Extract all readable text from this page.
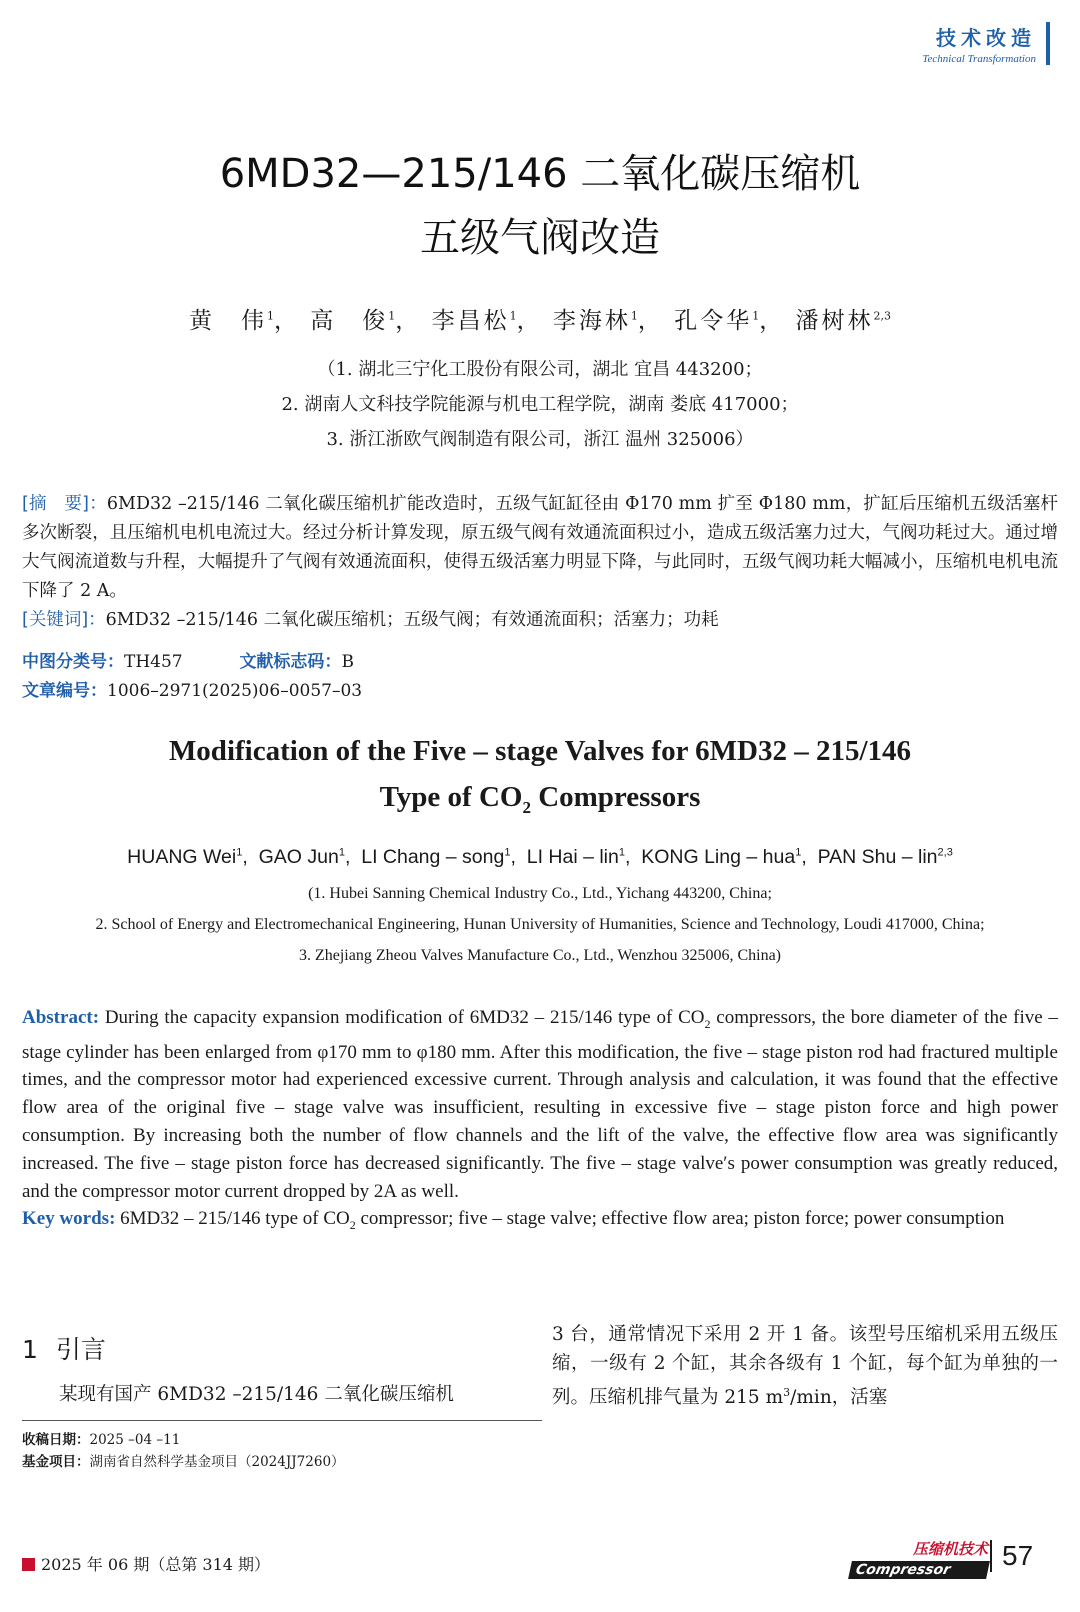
技术改造
Technical Transformation
6MD32—215/146 二氧化碳压缩机
五级气阀改造
黄　伟$^1$， 高　俊$^1$， 李昌松$^1$， 李海林$^1$， 孔令华$^1$， 潘树林$^{2,3}$
（1. 湖北三宁化工股份有限公司，湖北 宜昌 443200；
2. 湖南人文科技学院能源与机电工程学院，湖南 娄底 417000；
3. 浙江浙欧气阀制造有限公司，浙江 温州 325006）
[摘　要]：6MD32 –215/146 二氧化碳压缩机扩能改造时，五级气缸缸径由 Φ170 mm 扩至 Φ180 mm，扩缸后压缩机五级活塞杆多次断裂，且压缩机电机电流过大。经过分析计算发现，原五级气阀有效通流面积过小，造成五级活塞力过大，气阀功耗过大。通过增大气阀流道数与升程，大幅提升了气阀有效通流面积，使得五级活塞力明显下降，与此同时，五级气阀功耗大幅减小，压缩机电机电流下降了 2 A。
[关键词]：6MD32 –215/146 二氧化碳压缩机；五级气阀；有效通流面积；活塞力；功耗
中图分类号：TH457	文献标志码：B
文章编号：1006–2971(2025)06–0057–03
Modification of the Five – stage Valves for 6MD32 – 215/146
Type of $CO_2$ Compressors
HUANG Wei$^1$,  GAO Jun$^1$,  LI Chang – song$^1$,  LI Hai – lin$^1$,  KONG Ling – hua$^1$,  PAN Shu – lin$^{2,3}$
(1. Hubei Sanning Chemical Industry Co., Ltd., Yichang 443200, China;
2. School of Energy and Electromechanical Engineering, Hunan University of Humanities, Science and Technology, Loudi 417000, China;
3. Zhejiang Zheou Valves Manufacture Co., Ltd., Wenzhou 325006, China)
Abstract: During the capacity expansion modification of 6MD32 – 215/146 type of $CO_2$ compressors, the bore diameter of the five – stage cylinder has been enlarged from φ170 mm to φ180 mm. After this modification, the five – stage piston rod had fractured multiple times, and the compressor motor had experienced excessive current. Through analysis and calculation, it was found that the effective flow area of the original five – stage valve was insufficient, resulting in excessive five – stage piston force and high power consumption. By increasing both the number of flow channels and the lift of the valve, the effective flow area was significantly increased. The five – stage piston force has decreased significantly. The five – stage valve′s power consumption was greatly reduced, and the compressor motor current dropped by 2A as well.
Key words: 6MD32 – 215/146 type of $CO_2$ compressor; five – stage valve; effective flow area; piston force; power consumption
1 引言
某现有国产 6MD32 –215/146 二氧化碳压缩机
3 台，通常情况下采用 2 开 1 备。该型号压缩机采用五级压缩，一级有 2 个缸，其余各级有 1 个缸，每个缸为单独的一列。压缩机排气量为 215 $m^3/\min$，活塞
收稿日期：2025 –04 –11
基金项目：湖南省自然科学基金项目（2024JJ7260）
2025 年 06 期（总第 314 期）
压缩机技术
Compressor	57
